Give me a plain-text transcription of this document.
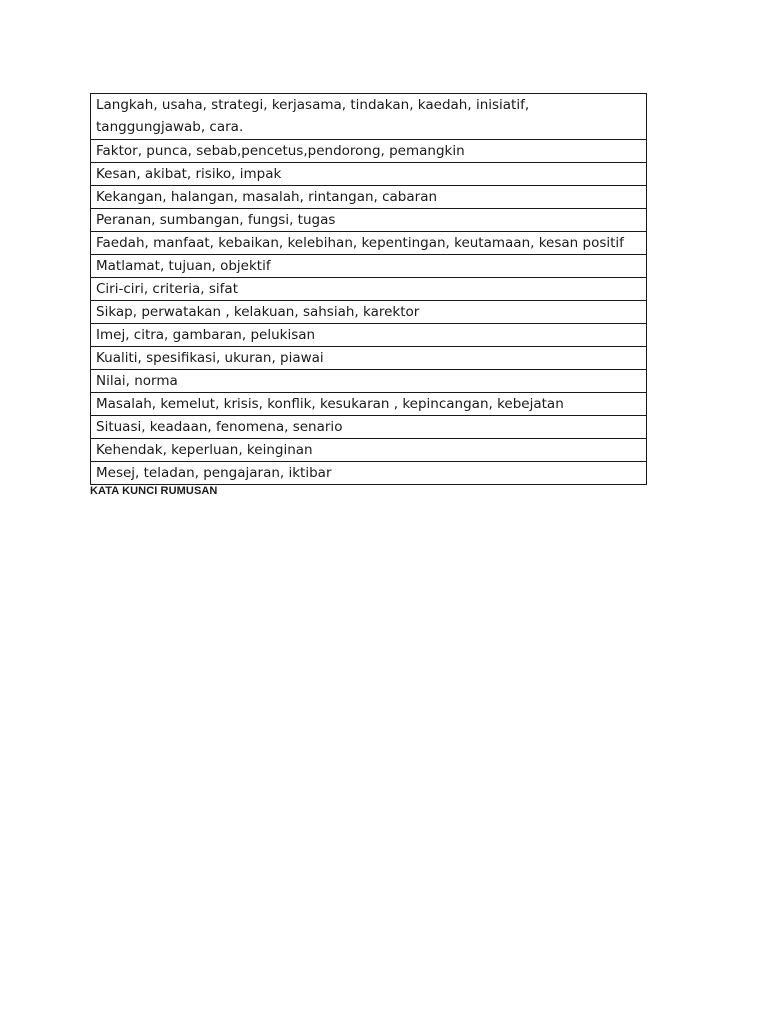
Langkah, usaha, strategi, kerjasama, tindakan, kaedah, inisiatif, tanggungjawab, cara.
Faktor, punca, sebab,pencetus,pendorong, pemangkin
Kesan, akibat, risiko, impak
Kekangan, halangan, masalah, rintangan, cabaran
Peranan, sumbangan, fungsi, tugas
Faedah, manfaat, kebaikan, kelebihan, kepentingan, keutamaan, kesan positif
Matlamat, tujuan, objektif
Ciri-ciri, criteria, sifat
Sikap, perwatakan , kelakuan, sahsiah, karektor
Imej, citra, gambaran, pelukisan
Kualiti, spesifikasi, ukuran, piawai
Nilai, norma
Masalah, kemelut, krisis, konflik, kesukaran , kepincangan, kebejatan
Situasi, keadaan, fenomena, senario
Kehendak, keperluan, keinginan
Mesej, teladan, pengajaran, iktibar
KATA KUNCI RUMUSAN
